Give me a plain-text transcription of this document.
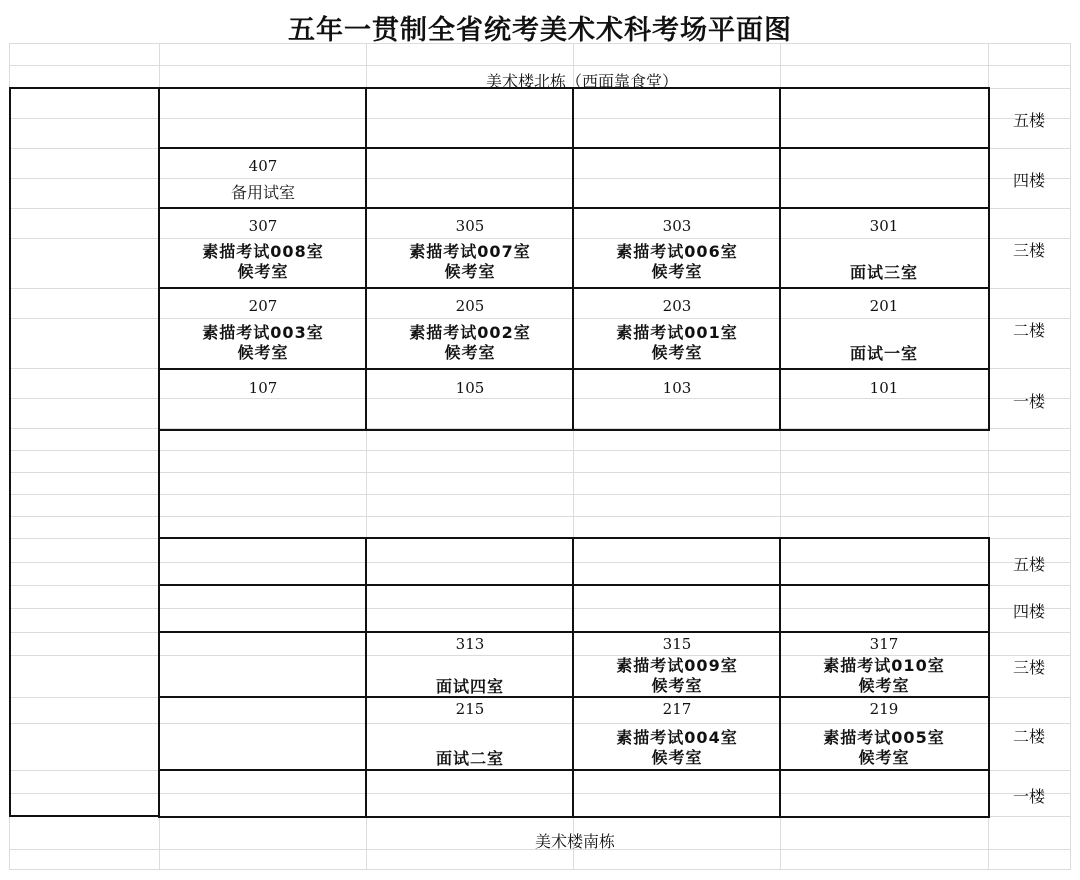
五年一贯制全省统考美术术科考场平面图
美术楼北栋（西面靠食堂）
407
备用试室
307
素描考试008室
候考室
305
素描考试007室
候考室
303
素描考试006室
候考室
301
面试三室
207
素描考试003室
候考室
205
素描考试002室
候考室
203
素描考试001室
候考室
201
面试一室
107	105	103	101
五楼
四楼
三楼
二楼
一楼
313
面试四室
315
素描考试009室
候考室
317
素描考试010室
候考室
215
面试二室
217
素描考试004室
候考室
219
素描考试005室
候考室
五楼
四楼
三楼
二楼
一楼
美术楼南栋
